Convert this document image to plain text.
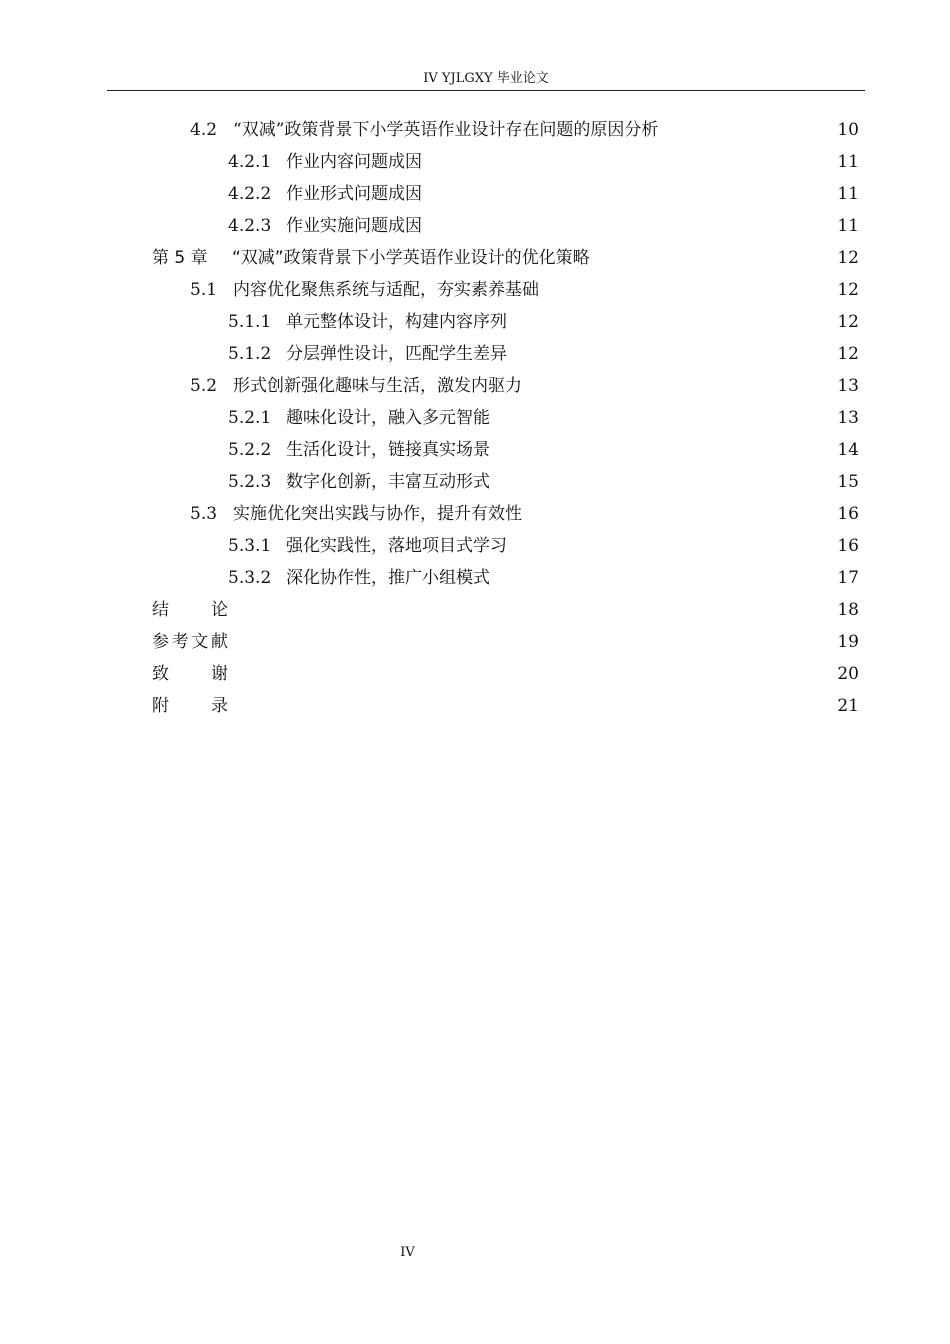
IV YJLGXY 毕业论文
4.2 “双减”政策背景下小学英语作业设计存在问题的原因分析	10
4.2.1 作业内容问题成因	11
4.2.2 作业形式问题成因	11
4.2.3 作业实施问题成因	11
第 5 章 “双减”政策背景下小学英语作业设计的优化策略	12
5.1 内容优化聚焦系统与适配，夯实素养基础	12
5.1.1 单元整体设计，构建内容序列	12
5.1.2 分层弹性设计，匹配学生差异	12
5.2 形式创新强化趣味与生活，激发内驱力	13
5.2.1 趣味化设计，融入多元智能	13
5.2.2 生活化设计，链接真实场景	14
5.2.3 数字化创新，丰富互动形式	15
5.3 实施优化突出实践与协作，提升有效性	16
5.3.1 强化实践性，落地项目式学习	16
5.3.2 深化协作性，推广小组模式	17
结 论	18
参 考 文 献	19
致 谢	20
附 录	21
IV
